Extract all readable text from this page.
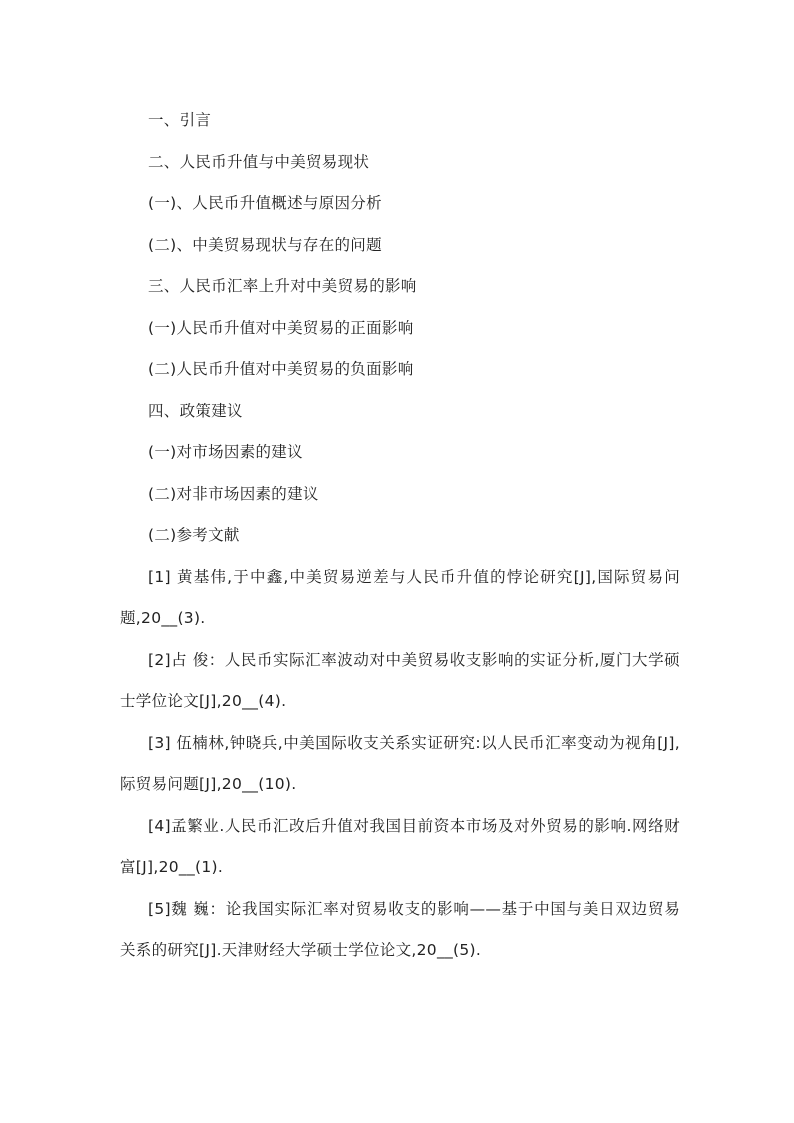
一、引言

二、人民币升值与中美贸易现状

(一)、人民币升值概述与原因分析

(二)、中美贸易现状与存在的问题

三、人民币汇率上升对中美贸易的影响

(一)人民币升值对中美贸易的正面影响

(二)人民币升值对中美贸易的负面影响

四、政策建议

(一)对市场因素的建议

(二)对非市场因素的建议

(二)参考文献

[1] 黄基伟,于中鑫,中美贸易逆差与人民币升值的悖论研究[J],国际贸易问题,20__(3).

[2]占 俊：人民币实际汇率波动对中美贸易收支影响的实证分析,厦门大学硕士学位论文[J],20__(4).

[3] 伍楠林,钟晓兵,中美国际收支关系实证研究:以人民币汇率变动为视角[J],际贸易问题[J],20__(10).

[4]孟繁业.人民币汇改后升值对我国目前资本市场及对外贸易的影响.网络财富[J],20__(1).

[5]魏 巍：论我国实际汇率对贸易收支的影响——基于中国与美日双边贸易关系的研究[J].天津财经大学硕士学位论文,20__(5).
